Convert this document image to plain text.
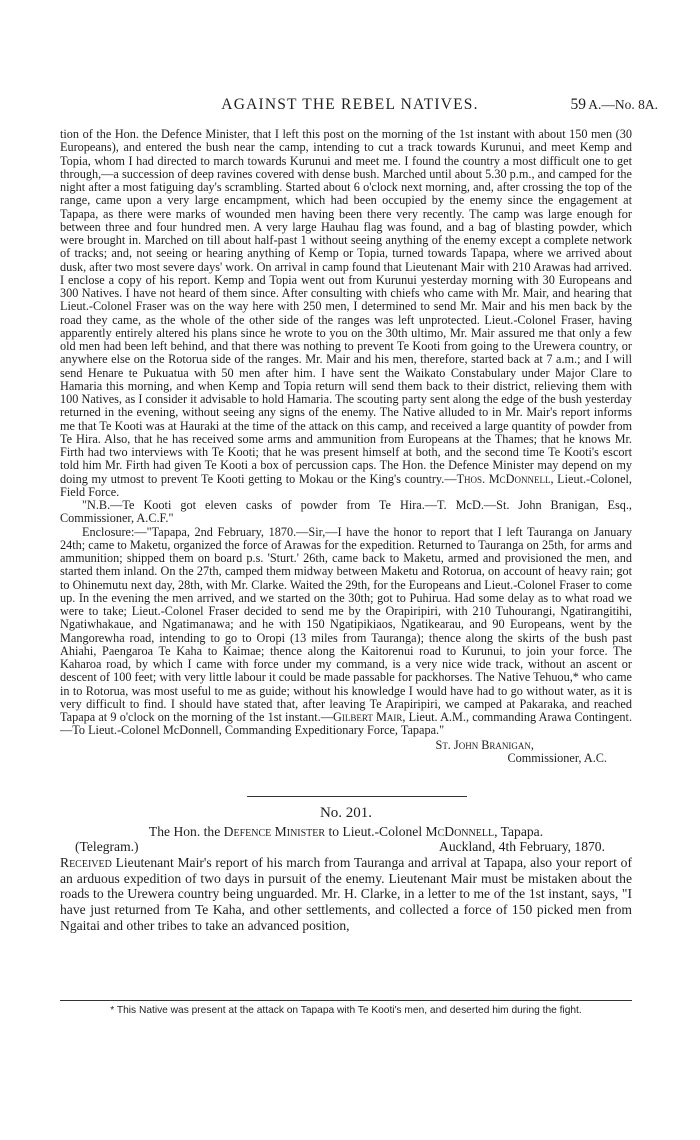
AGAINST THE REBEL NATIVES.	59 A.—No. 8A.

tion of the Hon. the Defence Minister, that I left this post on the morning of the 1st instant with about 150 men (30 Europeans), and entered the bush near the camp, intending to cut a track towards Kurunui, and meet Kemp and Topia, whom I had directed to march towards Kurunui and meet me. I found the country a most difficult one to get through,—a succession of deep ravines covered with dense bush. Marched until about 5.30 p.m., and camped for the night after a most fatiguing day's scrambling. Started about 6 o'clock next morning, and, after crossing the top of the range, came upon a very large encampment, which had been occupied by the enemy since the engagement at Tapapa, as there were marks of wounded men having been there very recently. The camp was large enough for between three and four hundred men. A very large Hauhau flag was found, and a bag of blasting powder, which were brought in. Marched on till about half-past 1 without seeing anything of the enemy except a complete network of tracks; and, not seeing or hearing anything of Kemp or Topia, turned towards Tapapa, where we arrived about dusk, after two most severe days' work. On arrival in camp found that Lieutenant Mair with 210 Arawas had arrived. I enclose a copy of his report. Kemp and Topia went out from Kurunui yesterday morning with 30 Europeans and 300 Natives. I have not heard of them since. After consulting with chiefs who came with Mr. Mair, and hearing that Lieut.-Colonel Fraser was on the way here with 250 men, I determined to send Mr. Mair and his men back by the road they came, as the whole of the other side of the ranges was left unprotected. Lieut.-Colonel Fraser, having apparently entirely altered his plans since he wrote to you on the 30th ultimo, Mr. Mair assured me that only a few old men had been left behind, and that there was nothing to prevent Te Kooti from going to the Urewera country, or anywhere else on the Rotorua side of the ranges. Mr. Mair and his men, therefore, started back at 7 a.m.; and I will send Henare te Pukuatua with 50 men after him. I have sent the Waikato Constabulary under Major Clare to Hamaria this morning, and when Kemp and Topia return will send them back to their district, relieving them with 100 Natives, as I consider it advisable to hold Hamaria. The scouting party sent along the edge of the bush yesterday returned in the evening, without seeing any signs of the enemy. The Native alluded to in Mr. Mair's report informs me that Te Kooti was at Hauraki at the time of the attack on this camp, and received a large quantity of powder from Te Hira. Also, that he has received some arms and ammunition from Europeans at the Thames; that he knows Mr. Firth had two interviews with Te Kooti; that he was present himself at both, and the second time Te Kooti's escort told him Mr. Firth had given Te Kooti a box of percussion caps. The Hon. the Defence Minister may depend on my doing my utmost to prevent Te Kooti getting to Mokau or the King's country.—Thos. McDonnell, Lieut.-Colonel, Field Force.

"N.B.—Te Kooti got eleven casks of powder from Te Hira.—T. McD.—St. John Branigan, Esq., Commissioner, A.C.F."

Enclosure:—"Tapapa, 2nd February, 1870.—Sir,—I have the honor to report that I left Tauranga on January 24th; came to Maketu, organized the force of Arawas for the expedition. Returned to Tauranga on 25th, for arms and ammunition; shipped them on board p.s. 'Sturt.' 26th, came back to Maketu, armed and provisioned the men, and started them inland. On the 27th, camped them midway between Maketu and Rotorua, on account of heavy rain; got to Ohinemutu next day, 28th, with Mr. Clarke. Waited the 29th, for the Europeans and Lieut.-Colonel Fraser to come up. In the evening the men arrived, and we started on the 30th; got to Puhirua. Had some delay as to what road we were to take; Lieut.-Colonel Fraser decided to send me by the Orapiripiri, with 210 Tuhourangi, Ngatirangitihi, Ngatiwhakaue, and Ngatimanawa; and he with 150 Ngatipikiaos, Ngatikearau, and 90 Europeans, went by the Mangorewha road, intending to go to Oropi (13 miles from Tauranga); thence along the skirts of the bush past Ahiahi, Paengaroa Te Kaha to Kaimae; thence along the Kaitorenui road to Kurunui, to join your force. The Kaharoa road, by which I came with force under my command, is a very nice wide track, without an ascent or descent of 100 feet; with very little labour it could be made passable for packhorses. The Native Tehuou,* who came in to Rotorua, was most useful to me as guide; without his knowledge I would have had to go without water, as it is very difficult to find. I should have stated that, after leaving Te Arapiripiri, we camped at Pakaraka, and reached Tapapa at 9 o'clock on the morning of the 1st instant.—Gilbert Mair, Lieut. A.M., commanding Arawa Contingent.—To Lieut.-Colonel McDonnell, Commanding Expeditionary Force, Tapapa."

St. John Branigan,
Commissioner, A.C.
No. 201.
The Hon. the Defence Minister to Lieut.-Colonel McDonnell, Tapapa.
(Telegram.)	Auckland, 4th February, 1870.

Received Lieutenant Mair's report of his march from Tauranga and arrival at Tapapa, also your report of an arduous expedition of two days in pursuit of the enemy. Lieutenant Mair must be mistaken about the roads to the Urewera country being unguarded. Mr. H. Clarke, in a letter to me of the 1st instant, says, "I have just returned from Te Kaha, and other settlements, and collected a force of 150 picked men from Ngaitai and other tribes to take an advanced position,

* This Native was present at the attack on Tapapa with Te Kooti's men, and deserted him during the fight.
